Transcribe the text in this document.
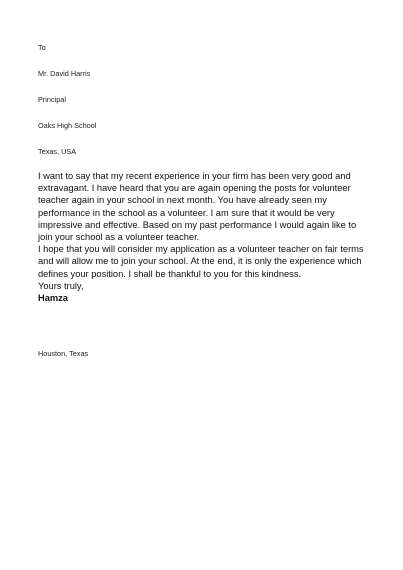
To
Mr. David Harris
Principal
Oaks High School
Texas, USA

I want to say that my recent experience in your firm has been very good and
extravagant. I have heard that you are again opening the posts for volunteer
teacher again in your school in next month. You have already seen my
performance in the school as a volunteer. I am sure that it would be very
impressive and effective. Based on my past performance I would again like to
join your school as a volunteer teacher.

I hope that you will consider my application as a volunteer teacher on fair terms
and will allow me to join your school. At the end, it is only the experience which
defines your position. I shall be thankful to you for this kindness.

Yours truly,

Hamza

Houston, Texas
